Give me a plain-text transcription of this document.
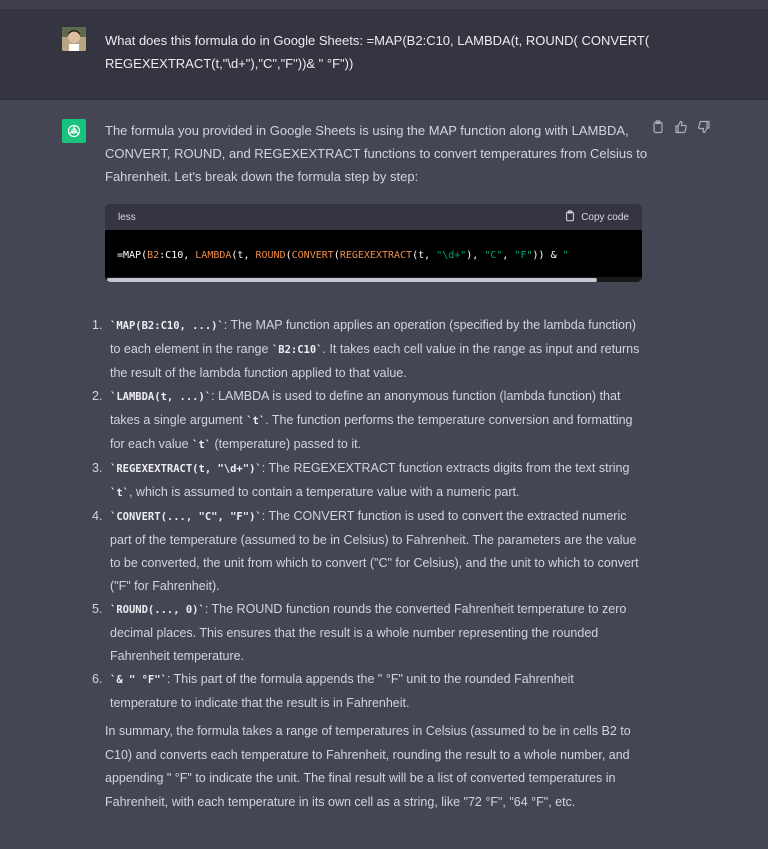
What does this formula do in Google Sheets: =MAP(B2:C10, LAMBDA(t, ROUND( CONVERT( REGEXEXTRACT(t,"\d+"),"C","F"))& " °F"))
The formula you provided in Google Sheets is using the MAP function along with LAMBDA, CONVERT, ROUND, and REGEXEXTRACT functions to convert temperatures from Celsius to Fahrenheit. Let's break down the formula step by step:
less	Copy code
=MAP(B2:C10, LAMBDA(t, ROUND(CONVERT(REGEXEXTRACT(t, "\d+"), "C", "F")) & "
1. `MAP(B2:C10, ...)`: The MAP function applies an operation (specified by the lambda function) to each element in the range `B2:C10`. It takes each cell value in the range as input and returns the result of the lambda function applied to that value.
2. `LAMBDA(t, ...)`: LAMBDA is used to define an anonymous function (lambda function) that takes a single argument `t`. The function performs the temperature conversion and formatting for each value `t` (temperature) passed to it.
3. `REGEXEXTRACT(t, "\d+")`: The REGEXEXTRACT function extracts digits from the text string `t`, which is assumed to contain a temperature value with a numeric part.
4. `CONVERT(..., "C", "F")`: The CONVERT function is used to convert the extracted numeric part of the temperature (assumed to be in Celsius) to Fahrenheit. The parameters are the value to be converted, the unit from which to convert ("C" for Celsius), and the unit to which to convert ("F" for Fahrenheit).
5. `ROUND(..., 0)`: The ROUND function rounds the converted Fahrenheit temperature to zero decimal places. This ensures that the result is a whole number representing the rounded Fahrenheit temperature.
6. `& " °F"`: This part of the formula appends the " °F" unit to the rounded Fahrenheit temperature to indicate that the result is in Fahrenheit.
In summary, the formula takes a range of temperatures in Celsius (assumed to be in cells B2 to C10) and converts each temperature to Fahrenheit, rounding the result to a whole number, and appending " °F" to indicate the unit. The final result will be a list of converted temperatures in Fahrenheit, with each temperature in its own cell as a string, like "72 °F", "64 °F", etc.
